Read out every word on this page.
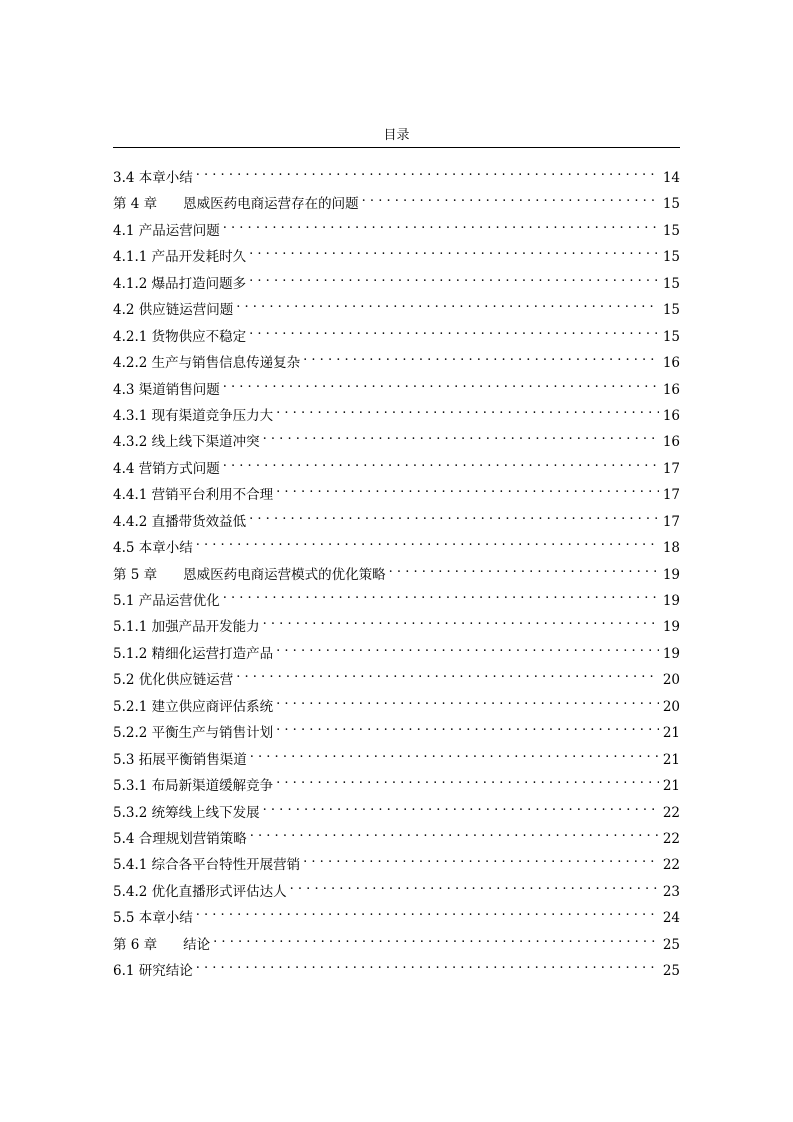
目录
3.4 本章小结 . . .	14
第 4 章 恩威医药电商运营存在的问题 . . .	15
4.1 产品运营问题 . . .	15
4.1.1 产品开发耗时久 . . .	15
4.1.2 爆品打造问题多 . . .	15
4.2 供应链运营问题 . . .	15
4.2.1 货物供应不稳定 . . .	15
4.2.2 生产与销售信息传递复杂 . . .	16
4.3 渠道销售问题 . . .	16
4.3.1 现有渠道竞争压力大 . . .	16
4.3.2 线上线下渠道冲突 . . .	16
4.4 营销方式问题 . . .	17
4.4.1 营销平台利用不合理 . . .	17
4.4.2 直播带货效益低 . . .	17
4.5 本章小结 . . .	18
第 5 章 恩威医药电商运营模式的优化策略 . . .	19
5.1 产品运营优化 . . .	19
5.1.1 加强产品开发能力 . . .	19
5.1.2 精细化运营打造产品 . . .	19
5.2 优化供应链运营 . . .	20
5.2.1 建立供应商评估系统 . . .	20
5.2.2 平衡生产与销售计划 . . .	21
5.3 拓展平衡销售渠道 . . .	21
5.3.1 布局新渠道缓解竞争 . . .	21
5.3.2 统筹线上线下发展 . . .	22
5.4 合理规划营销策略 . . .	22
5.4.1 综合各平台特性开展营销 . . .	22
5.4.2 优化直播形式评估达人 . . .	23
5.5 本章小结 . . .	24
第 6 章 结论 . . .	25
6.1 研究结论 . . .	25
